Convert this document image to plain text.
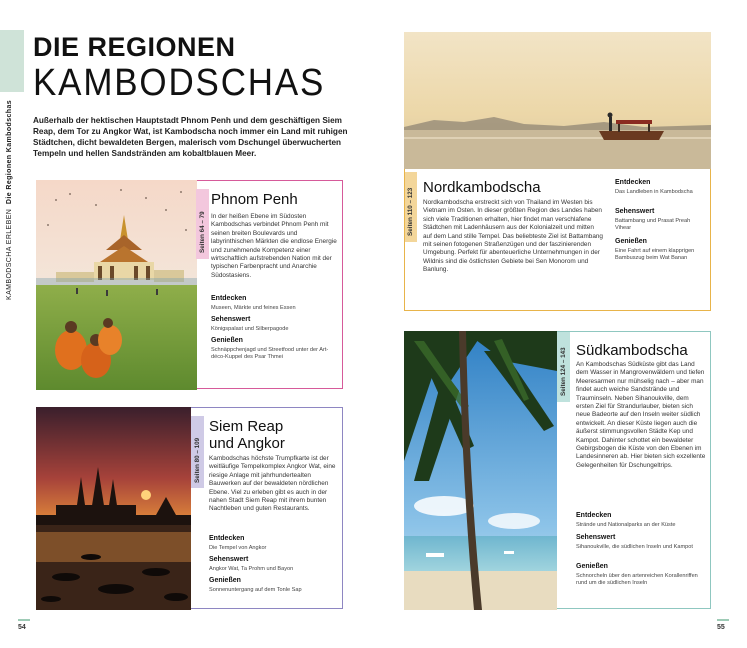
KAMBODSCHA ERLEBEN  Die Regionen Kambodschas
DIE REGIONEN
KAMBODSCHAS
Außerhalb der hektischen Hauptstadt Phnom Penh und dem geschäftigen Siem Reap, dem Tor zu Angkor Wat, ist Kambodscha noch immer ein Land mit ruhigen Städtchen, dicht bewaldeten Bergen, malerisch vom Dschungel überwucherten Tempeln und hellen Sandstränden am kobaltblauen Meer.
Seiten 64 – 79
Phnom Penh
In der heißen Ebene im Südosten Kambodschas verbindet Phnom Penh mit seinen breiten Boulevards und labyrinthischen Märkten die endlose Energie und zunehmende Kompetenz einer wirtschaftlich aufstrebenden Nation mit der typischen Farbenpracht und Anarchie Südostasiens.
Entdecken
Museen, Märkte und feines Essen
Sehenswert
Königspalast und Silberpagode
Genießen
Schnäppchenjagd und Streetfood unter der Art-déco-Kuppel des Psar Thmei
Seiten 80 – 109
Siem Reap
und Angkor
Kambodschas höchste Trumpfkarte ist der weitläufige Tempelkomplex Angkor Wat, eine riesige Anlage mit jahrhundertealten Bauwerken auf der bewaldeten nördlichen Ebene. Viel zu erleben gibt es auch in der nahen Stadt Siem Reap mit ihrem bunten Nachtleben und guten Restaurants.
Entdecken
Die Tempel von Angkor
Sehenswert
Angkor Wat, Ta Prohm und Bayon
Genießen
Sonnenuntergang auf dem Tonle Sap
Seiten 110 – 123
Nordkambodscha
Nordkambodscha erstreckt sich von Thailand im Westen bis Vietnam im Osten. In dieser größten Region des Landes haben sich viele Traditionen erhalten, hier findet man verschlafene Städtchen mit Ladenhäusern aus der Kolonialzeit und mitten auf dem Land stille Tempel. Das beliebteste Ziel ist Battambang mit seinen fotogenen Straßenzügen und der faszinierenden Umgebung. Perfekt für abenteuerliche Unternehmungen in der Wildnis sind die östlichsten Gebiete bei Sen Monorom und Banlung.
Entdecken
Das Landleben in Kambodscha
Sehenswert
Battambang und Prasat Preah Vihear
Genießen
Eine Fahrt auf einem klapprigen Bambuszug beim Wat Banan
Seiten 124 – 143 Südkambodscha
An Kambodschas Südküste gibt das Land dem Wasser in Mangrovenwäldern und tiefen Meeresarmen nur mühselig nach – aber man findet auch weiche Sandstrände und Trauminseln. Neben Sihanoukville, dem ersten Ziel für Strandurlauber, bieten sich neue Badeorte auf den Inseln weiter südlich entwickelt. An dieser Küste liegen auch die äußerst stimmungsvollen Städte Kep und Kampot. Dahinter schottet ein bewaldeter Gebirgsbogen die Küste von den Ebenen im Landesinneren ab. Hier bieten sich exzellente Gelegenheiten für Dschungeltrips.
Entdecken
Strände und Nationalparks an der Küste
Sehenswert
Sihanoukville, die südlichen Inseln und Kampot
Genießen
Schnorcheln über den artenreichen Korallenriffen rund um die südlichen Inseln
54	55
